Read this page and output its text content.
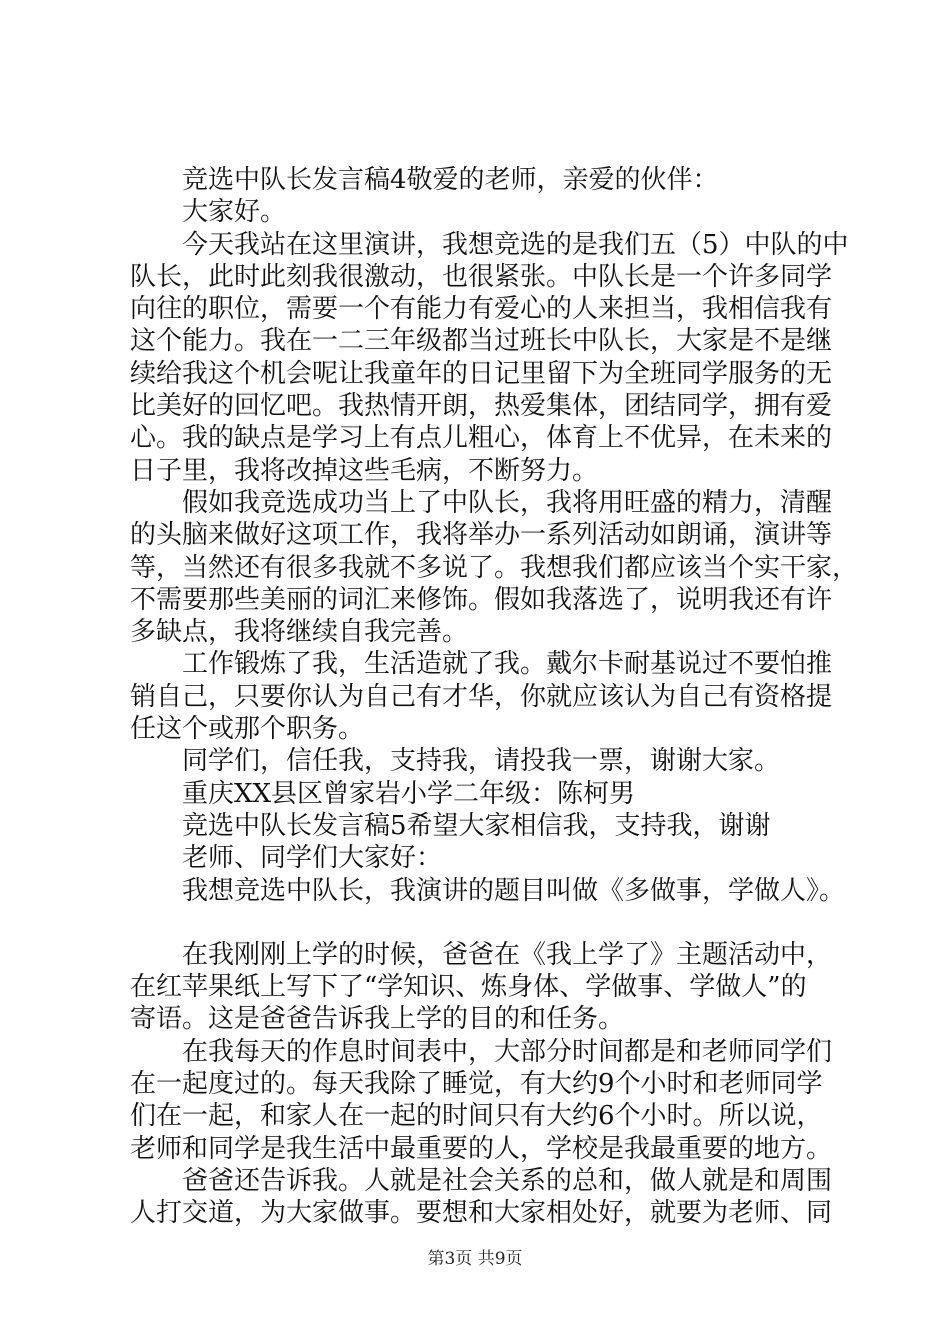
竞选中队长发言稿4敬爱的老师，亲爱的伙伴：

大家好。

今天我站在这里演讲，我想竞选的是我们五（5）中队的中

队长，此时此刻我很激动，也很紧张。中队长是一个许多同学

向往的职位，需要一个有能力有爱心的人来担当，我相信我有

这个能力。我在一二三年级都当过班长中队长，大家是不是继

续给我这个机会呢让我童年的日记里留下为全班同学服务的无

比美好的回忆吧。我热情开朗，热爱集体，团结同学，拥有爱

心。我的缺点是学习上有点儿粗心，体育上不优异，在未来的

日子里，我将改掉这些毛病，不断努力。

假如我竞选成功当上了中队长，我将用旺盛的精力，清醒

的头脑来做好这项工作，我将举办一系列活动如朗诵，演讲等

等，当然还有很多我就不多说了。我想我们都应该当个实干家，

不需要那些美丽的词汇来修饰。假如我落选了，说明我还有许

多缺点，我将继续自我完善。

工作锻炼了我，生活造就了我。戴尔卡耐基说过不要怕推

销自己，只要你认为自己有才华，你就应该认为自己有资格提

任这个或那个职务。

同学们，信任我，支持我，请投我一票，谢谢大家。

重庆XX县区曾家岩小学二年级：陈柯男

竞选中队长发言稿5希望大家相信我，支持我，谢谢

老师、同学们大家好：

我想竞选中队长，我演讲的题目叫做《多做事，学做人》。

在我刚刚上学的时候，爸爸在《我上学了》主题活动中，

在红苹果纸上写下了“学知识、炼身体、学做事、学做人”的

寄语。这是爸爸告诉我上学的目的和任务。

在我每天的作息时间表中，大部分时间都是和老师同学们

在一起度过的。每天我除了睡觉，有大约9个小时和老师同学

们在一起，和家人在一起的时间只有大约6个小时。所以说，

老师和同学是我生活中最重要的人，学校是我最重要的地方。

爸爸还告诉我。人就是社会关系的总和，做人就是和周围

人打交道，为大家做事。要想和大家相处好，就要为老师、同

第3页 共9页
